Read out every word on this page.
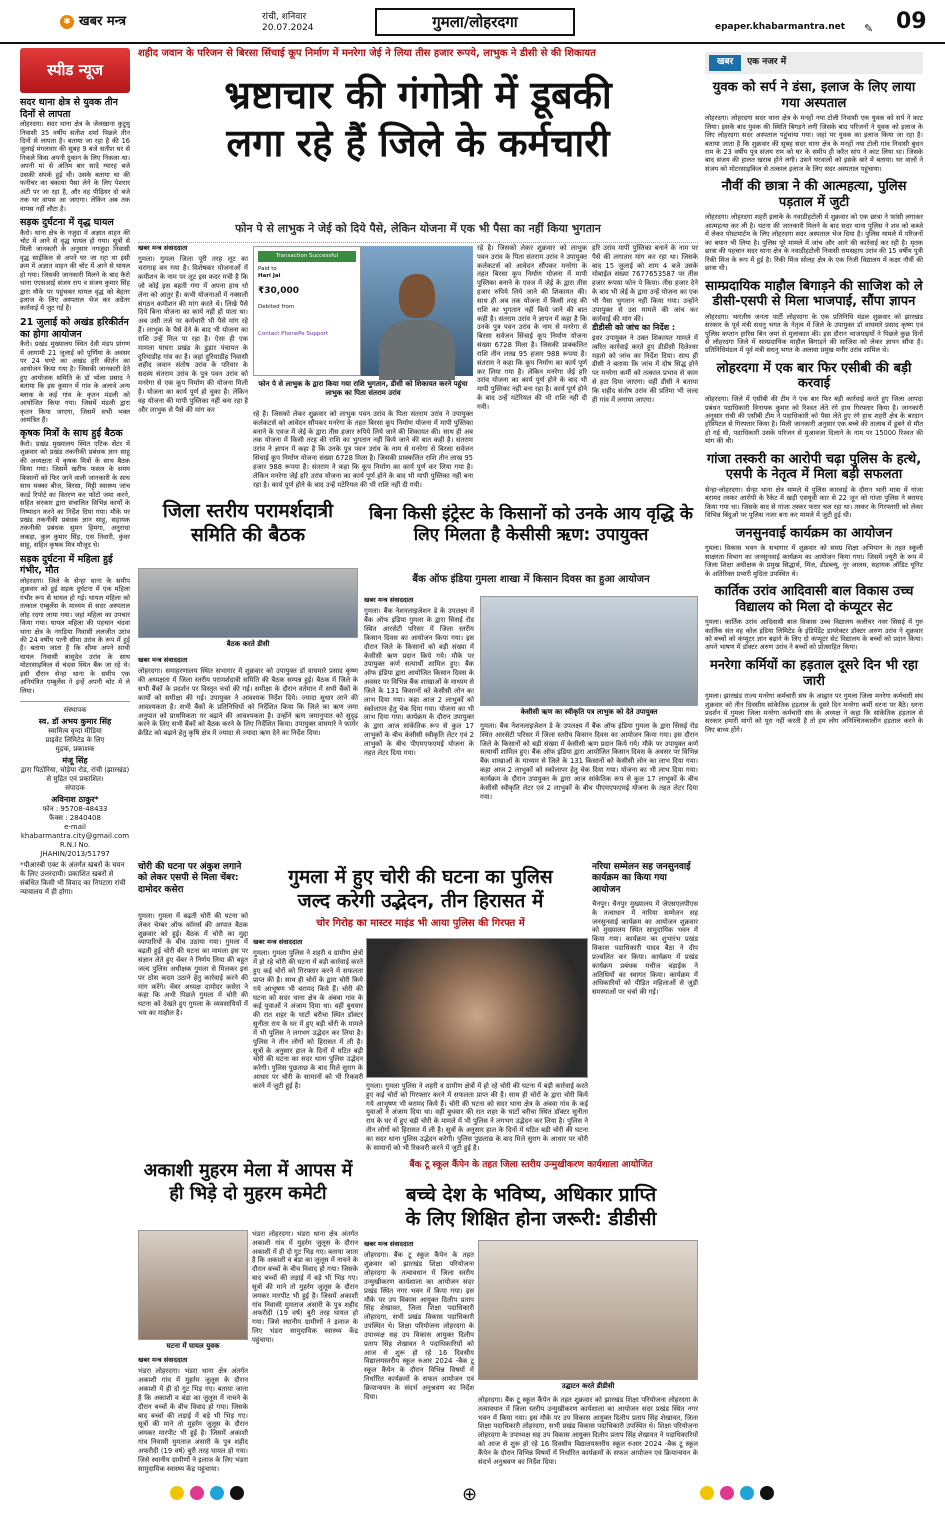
✱ खबर मन्त्र	रांची, शनिवार
20.07.2024	गुमला/लोहरदगा	epaper.khabarmantra.net ✎ 09
स्पीड न्यूज
सदर थाना क्षेत्र से युवक तीन दिनों से लापता
लोहरदगा। सदर थाना क्षेत्र के जेलखाना कुटुमु निवासी 35 वर्षीय सतीश शर्मा पिछले तीन दिनों से लापता है। बताया जा रहा है की 16 जुलाई मंगलवार की सुबह 9 बजे सतीश घर से निकले किस अपनी दुकान के लिए निकला था। अपनी मां से अंतिम बार सादे ग्यारह बजे उसकी संपर्क हुई थी। उसके बताया था की फनीचर का बकाया पैसा लेने के लिए पेशरार अंटी पर जा रहा है, और वह पीढ़ियर दो बजे तक घर वापस आ जाएगा। लेकिन अब तक वापस नहीं लौटा है।
सड़क दुर्घटना में वृद्ध घायल
कैरो। थाना क्षेत्र के नजुदा में अज्ञात वाहन की चोट में आने से वृद्ध घायल हो गया। सूत्रों से मिली जानकारी के अनुसार नगजुदा निवासी वृद्ध साईकिल से अपने घर जा रहा था इसी क्रम में अज्ञात वाहन की चोट में आने से घायल हो गया। जिसकी जानकारी मिलने के बाद कैरो थाना एएसआई संजय राय व संजय कुमार सिंह द्वारा मौके पर पहुंचकर घायल वृद्ध को बेहतर इलाज के लिए अस्पताल भेज कर अग्रेतर कार्रवाई में जुट गई है।
21 जुलाई को अखंड हरिकीर्तन का होगा आयोजन
कैरो। प्रखंड मुख्यालय स्थित देवी मंडप प्रांगण में आगामी 21 जुलाई को पूर्णिमा के अवसर पर 24 घण्टे का अखंड हरि कीर्तन का आयोजन किया गया है। जिसकी जानकारी देते हुए आयोजक समिति के डॉ भोला प्रसाद ने बताया कि इस कुमान में गांव के अलावे अन्य ब्लाक के कई गांव के कृतन मंडली को आयोजित किया गया। जिसमें मंडली द्वारा कृतन किया जाएगा, जिसमें सभी भक्त आमंत्रित हैं।
कृषक मित्रों के साथ हुई बैठक
कैरो। प्रखंड मुख्यालय स्थित एटिक सेंटर में शुक्रवार को प्रखंड तकनीकी प्रबंधक ज्ञान साहू की अध्यक्षता में कृषक मित्रों के साथ बैठक किया गया। जिसमें खरीफ फसल के समय किसानों को फिर जाने वाली जानकारी के साथ साथ मक्का बीज, बिरसा, मिट्टी स्वास्थ्य जांच कार्ड रिपोर्ट का वितरण कर फोटो जमा करने, सहित सरकार द्वारा संचालित विभिन्न कार्यों के निष्पादन करने का निर्देश दिया गया। मौके पर प्रखंड तकनीकी प्रबंधक ज्ञान साहू, सहायक तकनीकी प्रबंधक सुमन हिमगा, अनुराधा लकड़ा, कुल कुमार सिंह, एस तिवारी, कुंवर साहू, सहित कृषक मित्र मौजूद थे।
सड़क दुर्घटना में महिला हुई गंभीर, मौत
लोहरदगा। जिले के सेन्हा थाना के समीप शुक्रवार को हुई सड़क दुर्घटना में एक महिला गंभीर रूप से घायल हो गई। घायल महिला को तत्काल एम्बुलेंस के माध्यम से सदर अस्पताल लोह रदगा लाया गया। जहां महिला का उपचार किया गया। घायल महिला की पहचान चंदवा थाना क्षेत्र के नगड़िया निवासी ललजीत उरांव की 24 वर्षीय पत्नी सीमा उरांव के रूप में हुई है। बताया जाता है कि सीमा अपने साथी घायल निवासी बासुदेव उरांव के साथ मोटरसाइकिल से चंदवा स्थित बैंक जा रहे थे। इसी दौरान सेन्हा थाना के समीप एक अनियंत्रित एम्बुलेंस ने इन्हें अपनी चोट में ले लिया।
संस्थापक
स्व. डॉ अभय कुमार सिंह
स्वामित्व वृन्दा मीडिया
प्राइवेट लिमिटेड के लिए
मुद्रक, प्रकाशक
मंजू सिंह
द्वारा पिठोरिया, चोड़ेया रोड, रांची (झारखंड) से मुद्रित एवं प्रकाशित।
संपादक
अविनाश ठाकुर*
फोन : 95708-48433
फैक्स : 2840408
e-mail
khabarmantra.city@gmail.com
R.N.I No.
JHAHIN/2013/51797
*पीआरबी एक्ट के अंतर्गत खबरों के चयन के लिए उत्तरदायी। प्रकाशित खबरों से संबंधित किसी भी विवाद का निपटारा रांची न्यायालय में ही होगा।
शहीद जवान के परिजन से बिरसा सिंचाई कूप निर्माण में मनरेगा जेई ने लिया तीस हजार रूपये, लाभुक ने डीसी से की शिकायत
भ्रष्टाचार की गंगोत्री में डूबकी
लगा रहे हैं जिले के कर्मचारी
फोन पे से लाभुक ने जेई को दिये पैसे, लेकिन योजना में एक भी पैसा का नहीं किया भुगतान
खबर मन्त्र संवाददाता
गुमला। गुमला जिला पूरी तरह लूट का चरागाह बन गया है। विशेषकर योजनाओं में कमीशन के नाम पर लूट इस कदर मची है कि जो कोई इस बहती गंगा में अपना हाथ धो लेना को आतुर हैं। कभी योजनाओं में नक्सली संगठन कमीशन की मांग करते थे। लिखे पैसे दिये बिना योजना का कार्य नहीं हो पाता था। अब उसी तर्ज पर कर्मचारी भी पैसे मांग रहे हैं। लाभुक के पैसे देने के बाद भी योजना का राशि उन्हें मिल पा रहा है। ऐसा ही एक मामला घाघरा प्रखंड के डुड़ार पंचायत के दुरियाडीह गांव का है। जहां दुरियाडीह निवासी शहीद जवान संतोष उरांव के परिवार के सदस्य संतराम उरांव के पुत्र पवन उरांव को मनरेगा से एक कूप निर्माण की योजना मिली है। योजना का कार्य पूर्ण हो चुका है। लेकिन वह योजना की मापी पुस्तिका नहीं बना रहा है और लाभुक से पैसे की मांग कर
Transaction Successful
Paid to
Hari Jai
₹30,000
Debited from
Contact PhonePe Support
फोन पे से लाभुक के द्वारा किया गया राशि भुगतान, डीसी को शिकायत करने पहुंचा लाभुक का पिता संतराम उरांव
रहे है। जिसको लेकर शुक्रवार को लाभुक पवन उरांव के पिता संतराम उरांव ने उपायुक्त कर्लकटर्स को आवेदन सौंपकर मनरेगा के तहत बिरसा कूप निर्माण योजना में मापी पुस्तिका बनाने के एवज में जेई के द्वारा तीस हजार रुपिये लिये जाने की शिकायत की। साथ ही अब तक योजना में किसी तरह की राशि का भुगतान नहीं किये जाने की बात कही है। संतराम उरांव ने ज्ञापन में कहा है कि उनके पुत्र पवन उरांव के नाम से मनरेगा से बिरसा सर्वजन सिंचाई कूप निर्माण योजना संख्या 6728 मिला है। जिसकी प्राक्कलित राशि तीन लाख 95 हजार 988 रूपया है। संतराम ने कहा कि कूप निर्माण का कार्य पूर्ण कर लिया गया है। लेकिन मनरेगा जेई हरि उरांव योजना का कार्य पूर्ण होने के बाद भी मापी पुस्तिका नहीं बना रहा है। कार्य पूर्ण होने के बाद उन्हें मटेरियल की भी राशि नहीं दी गयी।
रहे है। जिसको लेकर शुक्रवार को लाभुक पवन उरांव के पिता संतराम उरांव ने उपायुक्त कर्लकटर्स को आवेदन सौंपकर मनरेगा के तहत बिरसा कूप निर्माण योजना में मापी पुस्तिका बनाने के एवज में जेई के द्वारा तीस हजार रुपिये लिये जाने की शिकायत की। साथ ही अब तक योजना में किसी तरह की राशि का भुगतान नहीं किये जाने की बात कही है। संतराम उरांव ने ज्ञापन में कहा है कि उनके पुत्र पवन उरांव के नाम से मनरेगा से बिरसा सर्वजन सिंचाई कूप निर्माण योजना संख्या 6728 मिला है। जिसकी प्राक्कलित राशि तीन लाख 95 हजार 988 रूपया है। संतराम ने कहा कि कूप निर्माण का कार्य पूर्ण कर लिया गया है। लेकिन मनरेगा जेई हरि उरांव योजना का कार्य पूर्ण होने के बाद भी मापी पुस्तिका नहीं बना रहा है। कार्य पूर्ण होने के बाद उन्हें मटेरियल की भी राशि नहीं दी गयी।
हरि उरांव मापी पुस्तिका बनाने के नाम पर पैसे की लगातार मांग कर रहा था। जिसके बाद 15 जुलाई को शाम 4 बजे उसके मोबाईल संख्या 7677653587 पर तीस हजार रूपया फोन पे किया। तीस हजार देने के बाद भी जेई के द्वारा उन्हें योजना का एक भी पैसा भुगतान नहीं किया गया। उन्होंने उपायुक्त से उस मामले की जांच कर कार्रवाई की मांग की।
डीडीसी को जांच का निर्देश :
इधर उपायुक्त ने उक्त शिकायत मामले में त्वरित कार्रवाई करते हुए डीडीसी दिलेश्वर महतो को जांच का निर्देश दिया। साथ ही डीसी ने बताया कि जांच में दोष सिद्ध होने पर मनरेगा कर्मी को तत्काल प्रभाव से काम से हटा दिया जाएगा। वहीं डीसी ने बताया कि शहीद संतोष उरांव की प्रतिमा भी जल्द ही गांव में लगाया जाएगा।
जिला स्तरीय परामर्शदात्री समिति की बैठक
बैठक करते डीसी
खबर मन्त्र संवाददाता
लोहरदगा। समाहरणालय स्थित सभागार में शुक्रवार को उपायुक्त डॉ वाघमारे प्रसाद कृष्ण की अध्यक्षता में जिला स्तरीय परामर्शदात्री समिति की बैठक सम्पन्न हुई। बैठक में जिले के सभी बैंकों के प्रदर्शन पर विस्तृत चर्चा की गई। समीक्षा के दौरान वर्तमान में सभी बैंकों के कार्यों को समीक्षा की गई। उपायुक्त ने आवश्यक निर्देश दिये। ज्यादा सुधार लाने की आवश्यकता है। सभी बैंकों के प्रतिनिधियों को निर्देशित किया कि जिले का ऋण जमा अनुपात को प्राथमिकता पर बढ़ाने की आवश्यकता है। उन्होंने ऋण जमानुपात को सुदृढ़ करने के लिए सभी बैंकों को बैठक करने के लिए निर्देशित किया। उपायुक्त वाघमारे ने फार्मर क्रेडिट को बढ़ाने हेतु कृषि क्षेत्र में ज्यादा से ज्यादा ऋण देने का निर्देश दिया।
बिना किसी इंट्रेस्ट के किसानों को उनके आय वृद्धि के लिए मिलता है केसीसी ऋण: उपायुक्त
बैंक ऑफ इंडिया गुमला शाखा में किसान दिवस का हुआ आयोजन
खबर मन्त्र संवाददाता
गुमला। बैंक नेशनलाइजेशन डे के उपलक्ष्य में बैंक ऑफ इंडिया गुमला के द्वारा सिसई रोड स्थित आरसेटी परिसर में जिला स्तरीय किसान दिवस का आयोजन किया गया। इस दौरान जिले के किसानों को बड़ी संख्या में केसीसी ऋण प्रदान किये गये। मौके पर उपायुक्त कर्ण सत्यार्थी शामिल हुए। बैंक ऑफ इंडिया द्वारा आयोजित किसान दिवस के अवसर पर विभिन्न बैंक शाखाओं के माध्यम से जिले के 131 किसानों को केसीसी लोन का लाभ दिया गया। कहा आज 2 लाभुकों को स्कोलापर हेतु चेक दिया गया। योजना का भी लाभ दिया गया। कार्यक्रम के दौरान उपायुक्त के द्वारा आज सांकेतिक रूप से कुल 17 लाभुकों के बीच केसीसी स्वीकृति लेटर एवं 2 लाभुकों के बीच पीएमएफएमई योजना के तहत लेटर दिया गया।
केसीसी ऋण का स्वीकृति पत्र लाभुक को देते उपायुक्त
गुमला। बैंक नेशनलाइजेशन डे के उपलक्ष्य में बैंक ऑफ इंडिया गुमला के द्वारा सिसई रोड स्थित आरसेटी परिसर में जिला स्तरीय किसान दिवस का आयोजन किया गया। इस दौरान जिले के किसानों को बड़ी संख्या में केसीसी ऋण प्रदान किये गये। मौके पर उपायुक्त कर्ण सत्यार्थी शामिल हुए। बैंक ऑफ इंडिया द्वारा आयोजित किसान दिवस के अवसर पर विभिन्न बैंक शाखाओं के माध्यम से जिले के 131 किसानों को केसीसी लोन का लाभ दिया गया। कहा आज 2 लाभुकों को स्कोलापर हेतु चेक दिया गया। योजना का भी लाभ दिया गया। कार्यक्रम के दौरान उपायुक्त के द्वारा आज सांकेतिक रूप से कुल 17 लाभुकों के बीच केसीसी स्वीकृति लेटर एवं 2 लाभुकों के बीच पीएमएफएमई योजना के तहत लेटर दिया गया।
चोरी की घटना पर अंकुश लगाने को लेकर एसपी से मिला चेंबर: दामोदर कसेरा
गुमला। गुमला में बढ़ती चोरी की घटना को लेकर चेम्बर ऑफ कॉमर्स की आपात बैठक शुक्रवार को हुई। बैठक में चोरी का मुद्दा व्यापारियों के बीच उठाया गया। गुमला में बढ़ती हुई चोरी की घटना का मामला इस पर संज्ञान लेते हुए चेंबर ने निर्णय लिया की बहुत जल्द पुलिस अधीक्षक गुमला से मिलकर इस पर ठोस कदम उठाने हेतु कार्रवाई करने की मांग करेंगे। चेंबर अध्यक्ष दामोदर कसेरा ने कहा कि अभी पिछले गुमला में चोरी की घटना को देखते हुए गुमला के व्यवसायियों में भय का माहौल है।
गुमला में हुए चोरी की घटना का पुलिस
जल्द करेगी उद्भेदन, तीन हिरासत में
चोर गिरोह का मास्टर माइंड भी आया पुलिस की गिरफ्त में
खबर मन्त्र संवाददाता
गुमला। गुमला पुलिस ने शहरी व ग्रामीण क्षेत्रों में हो रहे चोरी की घटना में बड़ी कार्रवाई करते हुए कई चोरों को गिरफ्तार करने में सफलता प्राप्त की है। साथ ही चोरों के द्वारा चोरी किये गये आभूषण भी बरामद किये हैं। चोरी की घटना को सदर थाना क्षेत्र के अंबवा गांव के कई युवाओं ने अंजाम दिया था। वहीं बुधवार की रात शहर के घाटों बरीचा स्थित डॉक्टर सुनीता राय के घर में हुए बड़ी चोरी के मामले में भी पुलिस ने लगभग उद्भेदन कर लिया है। पुलिस ने तीन लोगों को हिरासत में ली है। सूत्रों के अनुसार हाल के दिनों में घटित बड़ी चोरी की घटना का सदर थाना पुलिस उद्भेदन करेगी। पुलिस पुछताछ के बाद मिले सुराग के आधार पर चोरी के सामानों को भी रिकवरी करने में जुटी हुई है।	गुमला। गुमला पुलिस ने शहरी व ग्रामीण क्षेत्रों में हो रहे चोरी की घटना में बड़ी कार्रवाई करते हुए कई चोरों को गिरफ्तार करने में सफलता प्राप्त की है। साथ ही चोरों के द्वारा चोरी किये गये आभूषण भी बरामद किये हैं। चोरी की घटना को सदर थाना क्षेत्र के अंबवा गांव के कई युवाओं ने अंजाम दिया था। वहीं बुधवार की रात शहर के घाटों बरीचा स्थित डॉक्टर सुनीता राय के घर में हुए बड़ी चोरी के मामले में भी पुलिस ने लगभग उद्भेदन कर लिया है। पुलिस ने तीन लोगों को हिरासत में ली है। सूत्रों के अनुसार हाल के दिनों में घटित बड़ी चोरी की घटना का सदर थाना पुलिस उद्भेदन करेगी। पुलिस पुछताछ के बाद मिले सुराग के आधार पर चोरी के सामानों को भी रिकवरी करने में जुटी हुई है।
नरिया सम्मेलन सह जनसुनवाई कार्यक्रम का किया गया आयोजन
चैनपुर। चैनपुर मुख्यालय में जेएसएलपीएस के तत्वाधान में नारिया सम्मेलन सह जनसुनवाई कार्यक्रम का आयोजन शुक्रवार को मुख्यालय स्थित सामुदायिक भवन में किया गया। कार्यक्रम का शुभारंभ प्रखंड विकास पदाधिकारी यादव बैठा ने दीप प्रज्वलित कर किया। कार्यक्रम में प्रखंड कार्यक्रम प्रबंधक मधीज बड़ाईक ने अतिथियों का स्वागत किया। कार्यक्रम में अधिकारियों को पीड़ित महिलाओं से जुड़ी समस्याओं पर चर्चा की गई।
अकाशी मुहरम मेला में आपस में ही भिड़े दो मुहरम कमेटी
घटना में घायल युवक
खबर मन्त्र संवाददाता
भंडरा लोहरदगा। भंडरा थाना क्षेत्र अंतर्गत अकाशी गांव में मुहर्रम जुलूस के दौरान अकाशी में ही दो गुट भिड़ गए। बताया जाता है कि अकाशी व बंडा का जुलूस में नाचने के दौरान बच्चों के बीच विवाद हो गया। जिसके बाद बच्चों की लड़ाई में बड़े भी भिड़ गए। सूत्रों की माने तो मुहर्रम जुलूस के दौरान जमकर मारपीट भी हुई है। जिसमें अकाशी गांव निवासी मुमताज अंसारी के पुत्र शहीद अफरीदी (19 वर्ष) बुरी तरह घायल हो गया। जिसे स्थानीय ग्रामीणों ने इलाज के लिए भंडरा सामुदायिक स्वास्थ्य केंद्र पहुंचाया।
भंडरा लोहरदगा। भंडरा थाना क्षेत्र अंतर्गत अकाशी गांव में मुहर्रम जुलूस के दौरान अकाशी में ही दो गुट भिड़ गए। बताया जाता है कि अकाशी व बंडा का जुलूस में नाचने के दौरान बच्चों के बीच विवाद हो गया। जिसके बाद बच्चों की लड़ाई में बड़े भी भिड़ गए। सूत्रों की माने तो मुहर्रम जुलूस के दौरान जमकर मारपीट भी हुई है। जिसमें अकाशी गांव निवासी मुमताज अंसारी के पुत्र शहीद अफरीदी (19 वर्ष) बुरी तरह घायल हो गया। जिसे स्थानीय ग्रामीणों ने इलाज के लिए भंडरा सामुदायिक स्वास्थ्य केंद्र पहुंचाया।
बैंक टू स्कूल कैंपेन के तहत जिला स्तरीय उन्मुखीकरण कार्यशाला आयोजित
बच्चे देश के भविष्य, अधिकार प्राप्ति
के लिए शिक्षित होना जरूरी: डीडीसी
खबर मन्त्र संवाददाता
लोहरदगा। बैंक टू स्कूल कैंपेन के तहत शुक्रवार को झारखंड शिक्षा परियोजना लोहरदगा के तत्वावधान में जिला स्तरीय उन्मुखीकरण कार्यशाला का आयोजन सदर प्रखंड स्थित नगर भवन में किया गया। इस मौके पर उप विकास आयुक्त दिलीप प्रताप सिंह शेखावत, जिला शिक्षा पदाधिकारी लोहरदगा, सभी प्रखंड विकास पदाधिकारी उपस्थित थे। शिक्षा परियोजना लोहरदगा के उपाध्यक्ष सह उप विकास आयुक्त दिलीप प्रताप सिंह शेखावत ने पदाधिकारियों को आज से शुरू हो रहे 16 दिवसीय विद्यालयस्तरीय स्कूल रुआर 2024 -बैक टू स्कूल कैंपेन के दौरान विभिन्न विषयों में निर्धारित कार्यक्रमों के सफल आयोजन एवं क्रियान्वयन के संदर्भ अनुश्रवण का निर्देश दिया।
उद्घाटन करते डीडीसी
लोहरदगा। बैंक टू स्कूल कैंपेन के तहत शुक्रवार को झारखंड शिक्षा परियोजना लोहरदगा के तत्वावधान में जिला स्तरीय उन्मुखीकरण कार्यशाला का आयोजन सदर प्रखंड स्थित नगर भवन में किया गया। इस मौके पर उप विकास आयुक्त दिलीप प्रताप सिंह शेखावत, जिला शिक्षा पदाधिकारी लोहरदगा, सभी प्रखंड विकास पदाधिकारी उपस्थित थे। शिक्षा परियोजना लोहरदगा के उपाध्यक्ष सह उप विकास आयुक्त दिलीप प्रताप सिंह शेखावत ने पदाधिकारियों को आज से शुरू हो रहे 16 दिवसीय विद्यालयस्तरीय स्कूल रुआर 2024 -बैक टू स्कूल कैंपेन के दौरान विभिन्न विषयों में निर्धारित कार्यक्रमों के सफल आयोजन एवं क्रियान्वयन के संदर्भ अनुश्रवण का निर्देश दिया।
खबर	एक नजर में
युवक को सर्प ने डंसा, इलाज के लिए लाया गया अस्पताल
लोहरदगा। लोहरदगा सदर थाना क्षेत्र के मनहों नया टोली निवासी एक युवक को सर्प ने काट लिया। इसके बाद युवक की स्थिति बिगड़ने लगी जिसके बाद परिजनों ने युवक को इलाज के लिए लोहरदगा सदर अस्पताल पहुंचाया गया। जहां पर युवक का इलाज किया जा रहा है। बताया जाता है कि शुक्रवार की सुबह सदर थाना क्षेत्र के मनहों नया टोली गांव निवासी बुधन राम के 23 वर्षीय पुत्र संजय राम को घर के समीप ही करैत सांप ने काट लिया था। जिसके बाद संजय की हालत खराब होने लगी। उसने घरवालों को इसके बारे में बताया। घर वालों ने संजय को मोटरसाइकिल से तत्काल इलाज के लिए सदर अस्पताल पहुंचाया।
नौवीं की छात्रा ने की आत्महत्या, पुलिस पड़ताल में जुटी
लोहरदगा। लोहरदगा शहरी इलाके के नवाडीहटोली में शुक्रवार को एक छात्रा ने फांसी लगाकर आत्महत्या कर ली है। घटना की जानकारी मिलने के बाद सदर थाना पुलिस ने शव को कब्जे में लेकर पोस्टमार्टम के लिए लोहरदगा सदर अस्पताल भेज दिया है। पुलिस मामले में परिजनों का बयान भी लिया है। पुलिस पूरे मामले में जांच और आगे की कार्रवाई कर रही है। मृतक छात्रा की पहचान सदर थाना क्षेत्र के नवाडीहटोली निवासी रामसहाय उरांव की 15 वर्षीय पुत्री रिंकी मिंज के रूप में हुई है। रिंकी मिंज सोलह क्षेत्र के एक निजी विद्यालय में कक्षा नौवीं की छात्रा थी।
साम्प्रदायिक माहौल बिगाड़ने की साजिश को ले डीसी-एसपी से मिला भाजपाई, सौंपा ज्ञापन
लोहरदगा। भारतीय जनता पार्टी लोहरदगा के एक प्रतिनिधि मंडल शुक्रवार को झारखंड सरकार के पूर्व मंत्री सधनु भगत के नेतृत्व में जिले के उपायुक्त डॉ वाघमारे प्रसाद कृष्ण एवं पुलिस कप्तान हारिस बिन जमां से मुलाकात की। इस दौरान भाजपाइयों ने पिछले कुछ दिनों से लोहरदगा जिले में साम्प्रदायिक माहौल बिगाड़ने की साजिश को लेकर ज्ञापन सौंपा है। प्रतिनिधिमंडल में पूर्व मंत्री सधनु भगत के अलावा प्रमुख मनीर उरांव शामिल थे।
लोहरदगा में एक बार फिर एसीबी की बड़ी करवाई
लोहरदगा। जिले में एसीबी की टीम ने एक बार फिर बड़ी कार्रवाई करते हुए जिला आपदा प्रबंधन पदाधिकारी विनायक कुमार को रिश्वत लेते रंगे हाथ गिरफ्तार किया है। जानकारी अनुसार रांची की एसीबी टीम ने पदाधिकारी को पैसा लेते हुए रंगे हाथ शहरी क्षेत्र के बरदान हॉस्पिटल से गिरफ्तार किया है। मिली जानकारी अनुसार एक बच्चे की तालाब में डूबने से मौत हो गई थी, पदाधिकारी उसके परिजन से मुआवजा दिलाने के नाम पर 15000 रिश्वत की मांग की थी।
गांजा तस्करी का आरोपी चढ़ा पुलिस के हत्थे, एसपी के नेतृत्व में मिला बड़ी सफलता
सेन्हा-लोहरदगा। सेन्हा थाना क्षेत्र मामले में पुलिस कारवाई के दौरान भारी मात्रा में गांजा बरामद तस्कर आरोपी के रैकेट में खड़ी एसयूवी कार से 22 जून को गांजा पुलिस ने बरामद किया गया था। जिसके बाद से गांजा तस्कर फरार चल रहा था। तस्कर के गिरफ्तारी को लेकर विभिन्न बिंदुओं पर पुलिस नजर बना कर मामले में जुटी हुई थी।
जनसुनवाई कार्यक्रम का आयोजन
गुमला। विकास भवन के सभागार में शुक्रवार को समग्र शिक्षा अभियान के तहत स्कूली साक्षरता विभाग का जनसुनवाई कार्यक्रम का आयोजन किया गया। जिसमें ज्यूरी के रूप में जिला शिक्षा अधीक्षक के प्रमुख सिद्धार्थ, मिंज, डीडब्ल्यू, नूर आलम, सहायक ऑडिट यूनिट के अतिरिक्त प्रभारी मुदिता उपस्थित थे।
कार्तिक उरांव आदिवासी बाल विकास उच्च विद्यालय को मिला दो कंप्यूटर सेट
गुमला। कार्तिक उरांव आदिवासी बाल विकास उच्च विद्यालय कलीचर नवर सिसई में गुरु कार्तिक संत वह कोल इंडिया लिमिटेड के इंडिपेंडेंट डायरेक्टर डॉक्टर अरुण उरांव ने शुक्रवार को बच्चों को कंप्यूटर ज्ञान बढ़ाने के लिए दो कंप्यूटर सेट विद्यालय के बच्चों को प्रदान किया। अपने भाषण में डॉक्टर अरुण उरांव ने बच्चों को प्रोत्साहित किया।
मनरेगा कर्मियों का हड़ताल दूसरे दिन भी रहा जारी
गुमला। झारखंड राज्य मनरेगा कर्मचारी संघ के आह्वान पर गुमला जिला मनरेगा कर्मचारी संघ शुक्रवार को तीन दिवसीय सांकेतिक हड़ताल के दूसरे दिन मनरेगा कर्मी धरना पर बैठे। धरना प्रदर्शन में गुमला जिला मनरेगा कर्मचारी संघ के अध्यक्ष ने कहा कि सांकेतिक हड़ताल से सरकार हमारी मांगों को पूरा नहीं करती है तो हम लोग अनिश्चितकालीन हड़ताल करने के लिए बाध्य होंगे।
⊕
